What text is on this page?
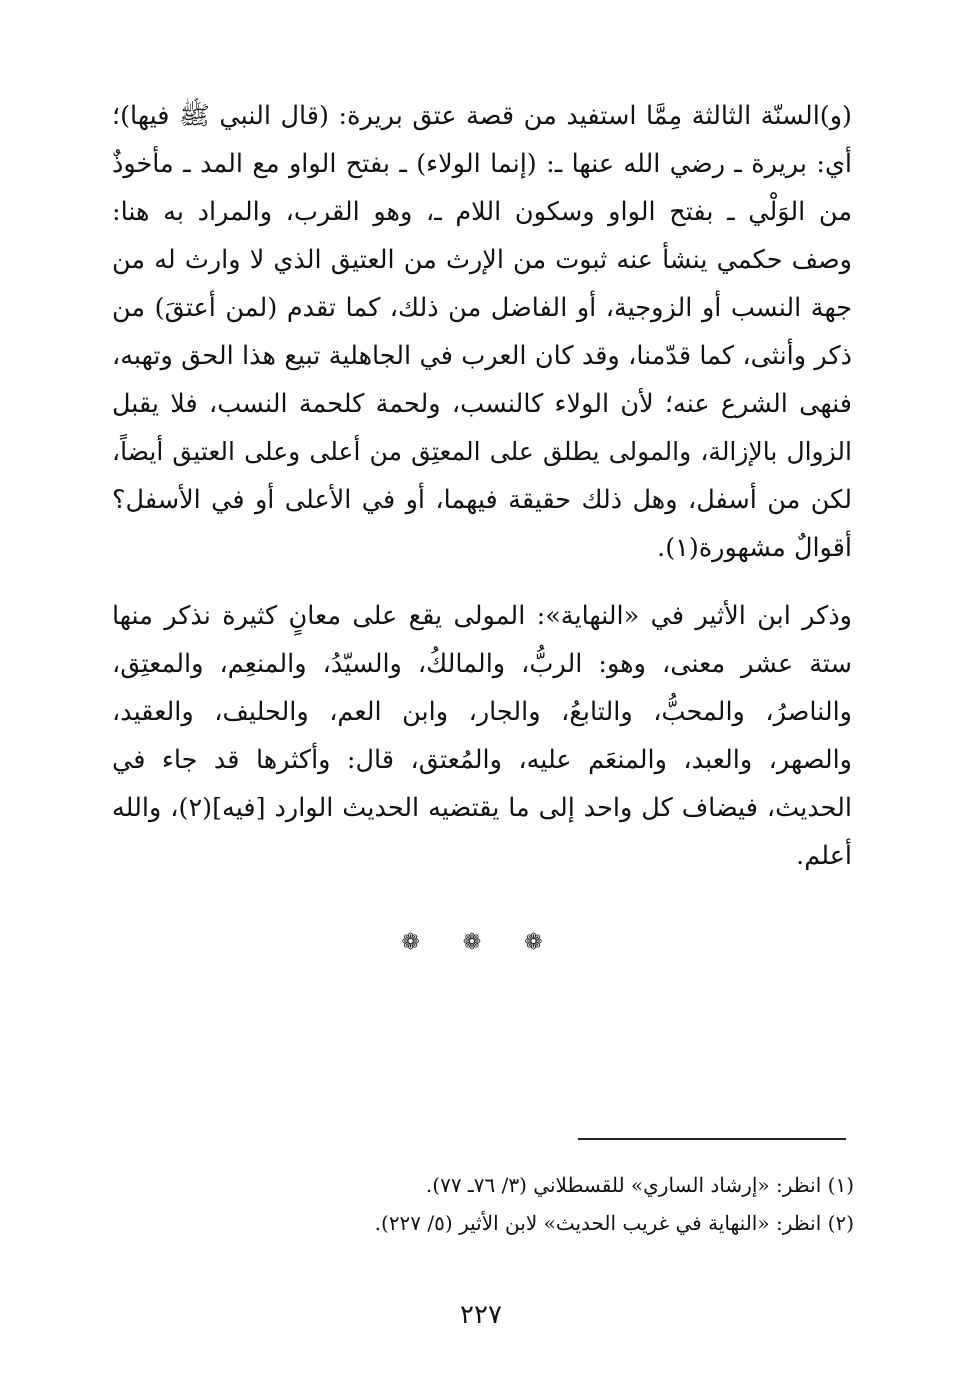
(و)السنّة الثالثة مِمَّا استفيد من قصة عتق بريرة: (قال النبي ﷺ فيها)؛
أي: بريرة ـ رضي الله عنها ـ: (إنما الولاء) ـ بفتح الواو مع المد ـ مأخوذٌ
من الوَلْي ـ بفتح الواو وسكون اللام ـ، وهو القرب، والمراد به هنا:
وصف حكمي ينشأ عنه ثبوت من الإرث من العتيق الذي لا وارث له من
جهة النسب أو الزوجية، أو الفاضل من ذلك، كما تقدم (لمن أعتقَ) من
ذكر وأنثى، كما قدّمنا، وقد كان العرب في الجاهلية تبيع هذا الحق وتهبه،
فنهى الشرع عنه؛ لأن الولاء كالنسب، ولحمة كلحمة النسب، فلا يقبل
الزوال بالإزالة، والمولى يطلق على المعتِق من أعلى وعلى العتيق أيضاً،
لكن من أسفل، وهل ذلك حقيقة فيهما، أو في الأعلى أو في الأسفل؟
أقوالٌ مشهورة(١).
وذكر ابن الأثير في «النهاية»: المولى يقع على معانٍ كثيرة نذكر منها
ستة عشر معنى، وهو: الربُّ، والمالكُ، والسيّدُ، والمنعِم، والمعتِق،
والناصرُ، والمحبُّ، والتابعُ، والجار، وابن العم، والحليف، والعقيد،
والصهر، والعبد، والمنعَم عليه، والمُعتق، قال: وأكثرها قد جاء في
الحديث، فيضاف كل واحد إلى ما يقتضيه الحديث الوارد [فيه](٢)، والله
أعلم.
❁ ❁ ❁
(١) انظر: «إرشاد الساري» للقسطلاني (٣/ ٧٦ـ ٧٧).
(٢) انظر: «النهاية في غريب الحديث» لابن الأثير (٥/ ٢٢٧).
٢٢٧
